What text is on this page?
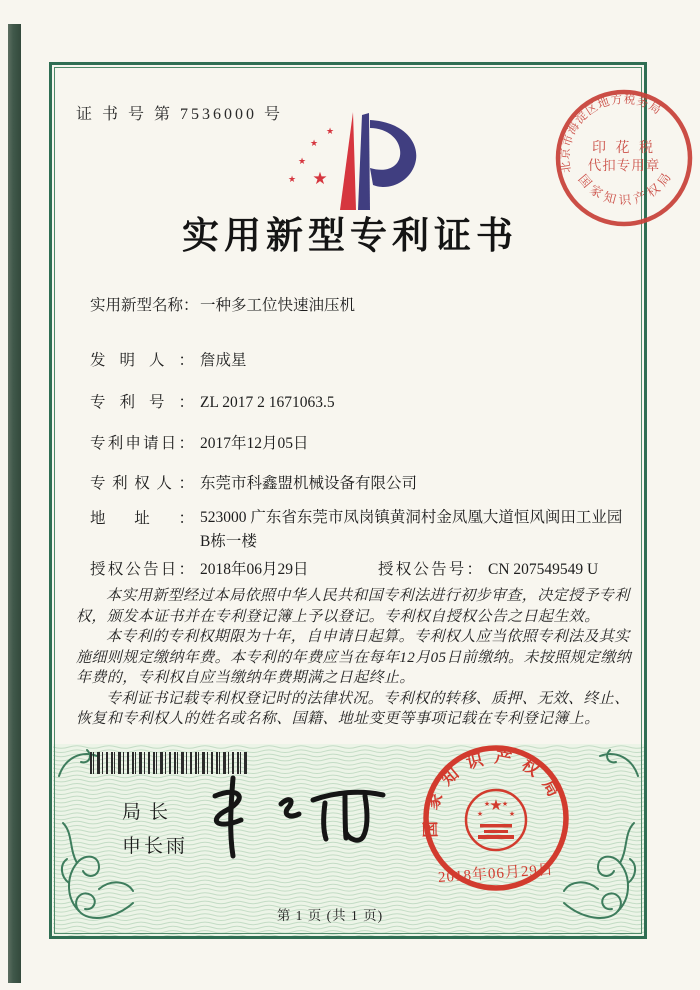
证 书 号 第 7536000 号
北京市海淀区地方税务局
印 花 税
代扣专用章
国家知识产权局
★
★
★
★ ★
实用新型专利证书
实用新型名称：一种多工位快速油压机
发明人： 詹成星
专利号： ZL 2017 2 1671063.5
专利申请日： 2017年12月05日
专利权人： 东莞市科鑫盟机械设备有限公司
地址： 523000 广东省东莞市凤岗镇黄洞村金凤凰大道恒风闽田工业园B栋一楼
授权公告日： 2018年06月29日	授权公告号： CN 207549549 U

本实用新型经过本局依照中华人民共和国专利法进行初步审查，决定授予专利权，颁发本证书并在专利登记簿上予以登记。专利权自授权公告之日起生效。

本专利的专利权期限为十年，自申请日起算。专利权人应当依照专利法及其实施细则规定缴纳年费。本专利的年费应当在每年12月05日前缴纳。未按照规定缴纳年费的，专利权自应当缴纳年费期满之日起终止。

专利证书记载专利权登记时的法律状况。专利权的转移、质押、无效、终止、恢复和专利权人的姓名或名称、国籍、地址变更等事项记载在专利登记簿上。

局长
申长雨
国家知识产权局
★
★
★ ★
★
2018年06月29日
第 1 页 (共 1 页)
